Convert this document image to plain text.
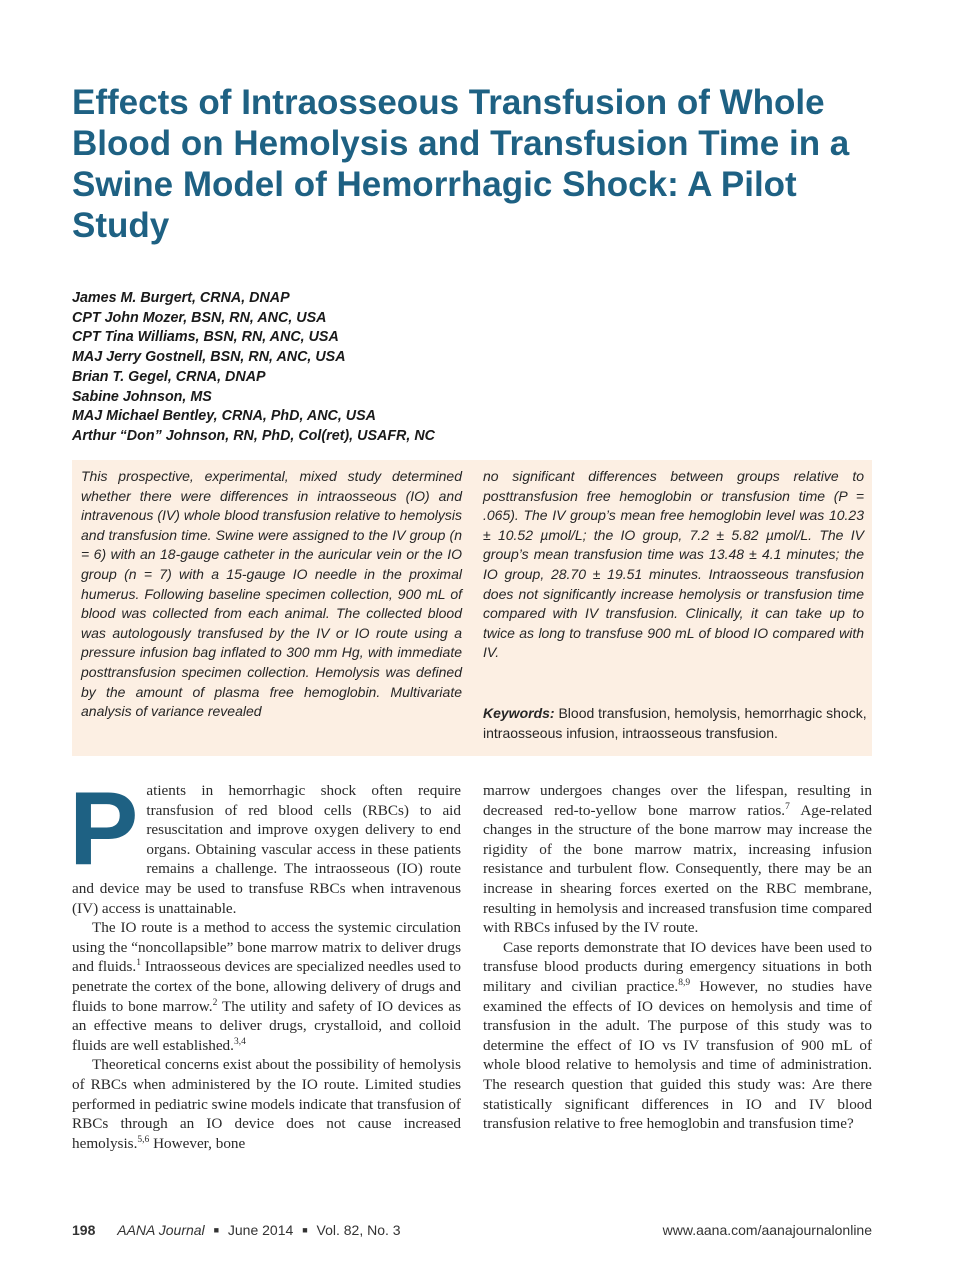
Effects of Intraosseous Transfusion of Whole Blood on Hemolysis and Transfusion Time in a Swine Model of Hemorrhagic Shock: A Pilot Study
James M. Burgert, CRNA, DNAP
CPT John Mozer, BSN, RN, ANC, USA
CPT Tina Williams, BSN, RN, ANC, USA
MAJ Jerry Gostnell, BSN, RN, ANC, USA
Brian T. Gegel, CRNA, DNAP
Sabine Johnson, MS
MAJ Michael Bentley, CRNA, PhD, ANC, USA
Arthur “Don” Johnson, RN, PhD, Col(ret), USAFR, NC
This prospective, experimental, mixed study determined whether there were differences in intraosseous (IO) and intravenous (IV) whole blood transfusion relative to hemolysis and transfusion time. Swine were assigned to the IV group (n = 6) with an 18-gauge catheter in the auricular vein or the IO group (n = 7) with a 15-gauge IO needle in the proximal humerus. Following baseline specimen collection, 900 mL of blood was collected from each animal. The collected blood was autologously transfused by the IV or IO route using a pressure infusion bag inflated to 300 mm Hg, with immediate posttransfusion specimen collection. Hemolysis was defined by the amount of plasma free hemoglobin. Multivariate analysis of variance revealed
no significant differences between groups relative to posttransfusion free hemoglobin or transfusion time (P = .065). The IV group’s mean free hemoglobin level was 10.23 ± 10.52 µmol/L; the IO group, 7.2 ± 5.82 µmol/L. The IV group’s mean transfusion time was 13.48 ± 4.1 minutes; the IO group, 28.70 ± 19.51 minutes. Intraosseous transfusion does not significantly increase hemolysis or transfusion time compared with IV transfusion. Clinically, it can take up to twice as long to transfuse 900 mL of blood IO compared with IV.
Keywords: Blood transfusion, hemolysis, hemorrhagic shock, intraosseous infusion, intraosseous transfusion.

Patients in hemorrhagic shock often require transfusion of red blood cells (RBCs) to aid resuscitation and improve oxygen delivery to end organs. Obtaining vascular access in these patients remains a challenge. The intraosseous (IO) route and device may be used to transfuse RBCs when intravenous (IV) access is unattainable.

The IO route is a method to access the systemic circulation using the “noncollapsible” bone marrow matrix to deliver drugs and fluids.$^1$ Intraosseous devices are specialized needles used to penetrate the cortex of the bone, allowing delivery of drugs and fluids to bone marrow.$^2$ The utility and safety of IO devices as an effective means to deliver drugs, crystalloid, and colloid fluids are well established.$^{3,4}$

Theoretical concerns exist about the possibility of hemolysis of RBCs when administered by the IO route. Limited studies performed in pediatric swine models indicate that transfusion of RBCs through an IO device does not cause increased hemolysis.$^{5,6}$ However, bone

marrow undergoes changes over the lifespan, resulting in decreased red-to-yellow bone marrow ratios.$^7$ Age-related changes in the structure of the bone marrow may increase the rigidity of the bone marrow matrix, increasing infusion resistance and turbulent flow. Consequently, there may be an increase in shearing forces exerted on the RBC membrane, resulting in hemolysis and increased transfusion time compared with RBCs infused by the IV route.

Case reports demonstrate that IO devices have been used to transfuse blood products during emergency situations in both military and civilian practice.$^{8,9}$ However, no studies have examined the effects of IO devices on hemolysis and time of transfusion in the adult. The purpose of this study was to determine the effect of IO vs IV transfusion of 900 mL of whole blood relative to hemolysis and time of administration. The research question that guided this study was: Are there statistically significant differences in IO and IV blood transfusion relative to free hemoglobin and transfusion time?

198 AANA Journal ■ June 2014 ■ Vol. 82, No. 3	www.aana.com/aanajournalonline
